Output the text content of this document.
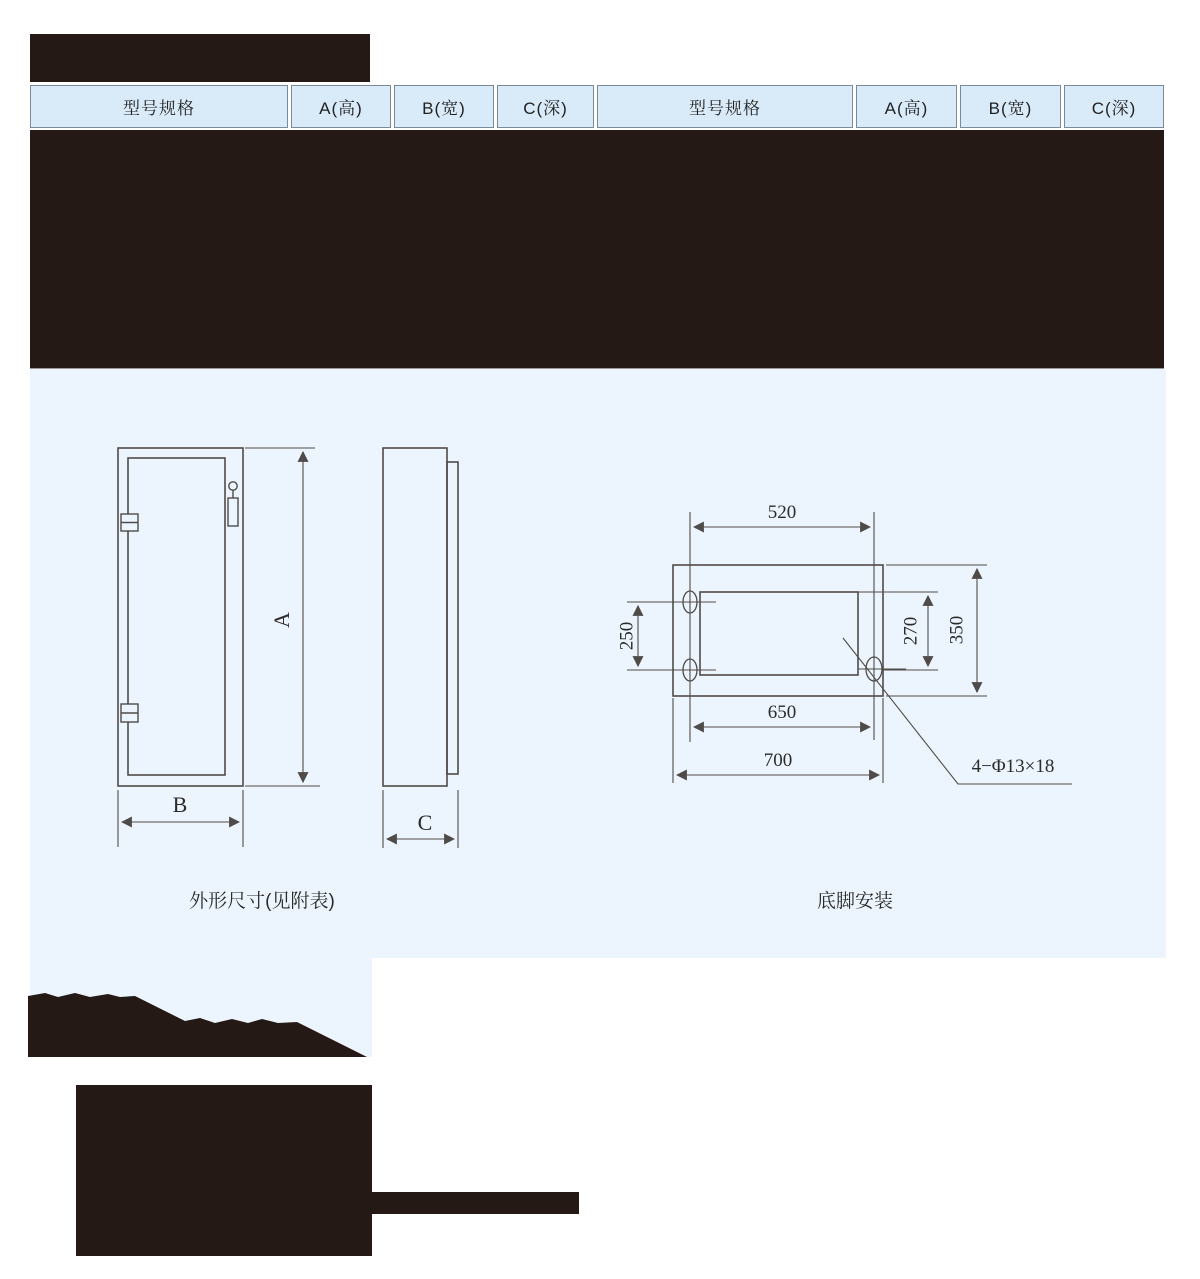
型号规格	A(高)	B(宽)	C(深)	型号规格	A(高)	B(宽)	C(深)
A
B
C
520
250	270 350
650
700	4−Φ13×18
外形尺寸(见附表)	底脚安装
